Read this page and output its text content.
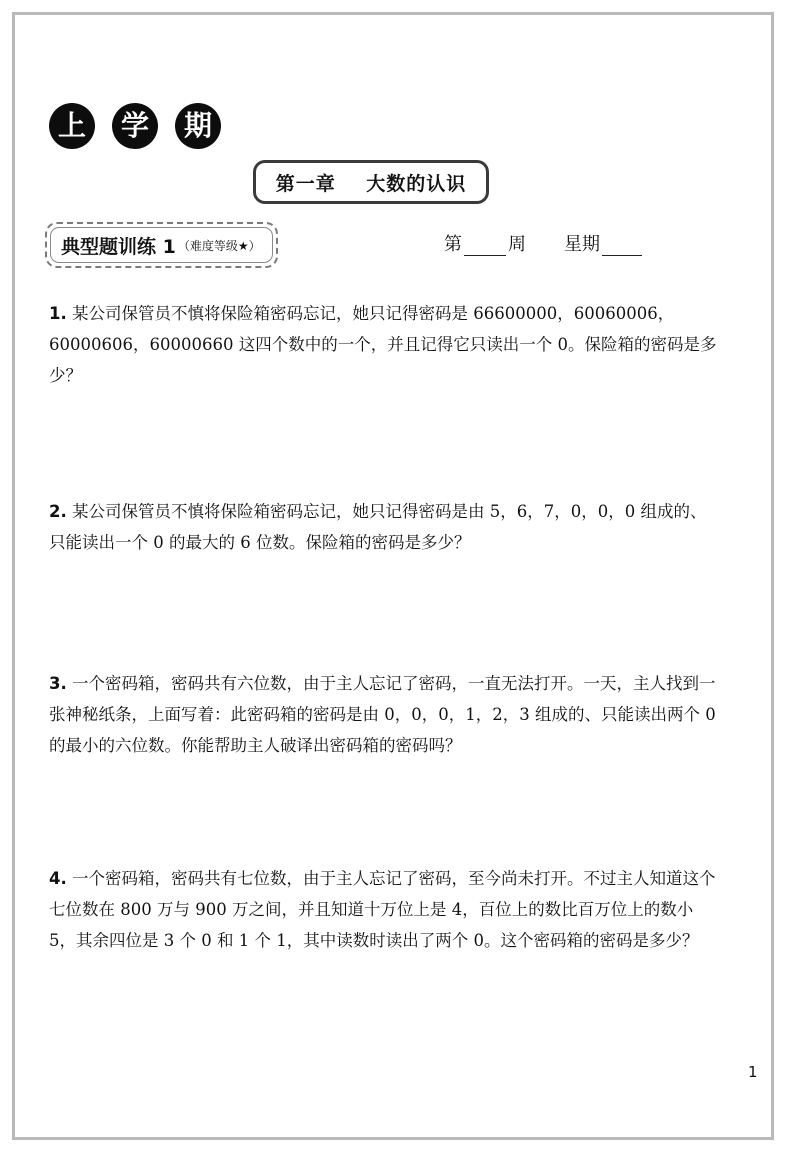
上	学	期
第一章    大数的认识
典型题训练 1 （难度等级★）	第	周 星期
1. 某公司保管员不慎将保险箱密码忘记，她只记得密码是 66600000，60060006，60000606，60000660 这四个数中的一个，并且记得它只读出一个 0。保险箱的密码是多少？
2. 某公司保管员不慎将保险箱密码忘记，她只记得密码是由 5，6，7，0，0，0 组成的、只能读出一个 0 的最大的 6 位数。保险箱的密码是多少？
3. 一个密码箱，密码共有六位数，由于主人忘记了密码，一直无法打开。一天，主人找到一张神秘纸条，上面写着：此密码箱的密码是由 0，0，0，1，2，3 组成的、只能读出两个 0 的最小的六位数。你能帮助主人破译出密码箱的密码吗？
4. 一个密码箱，密码共有七位数，由于主人忘记了密码，至今尚未打开。不过主人知道这个七位数在 800 万与 900 万之间，并且知道十万位上是 4，百位上的数比百万位上的数小 5，其余四位是 3 个 0 和 1 个 1，其中读数时读出了两个 0。这个密码箱的密码是多少？
1
